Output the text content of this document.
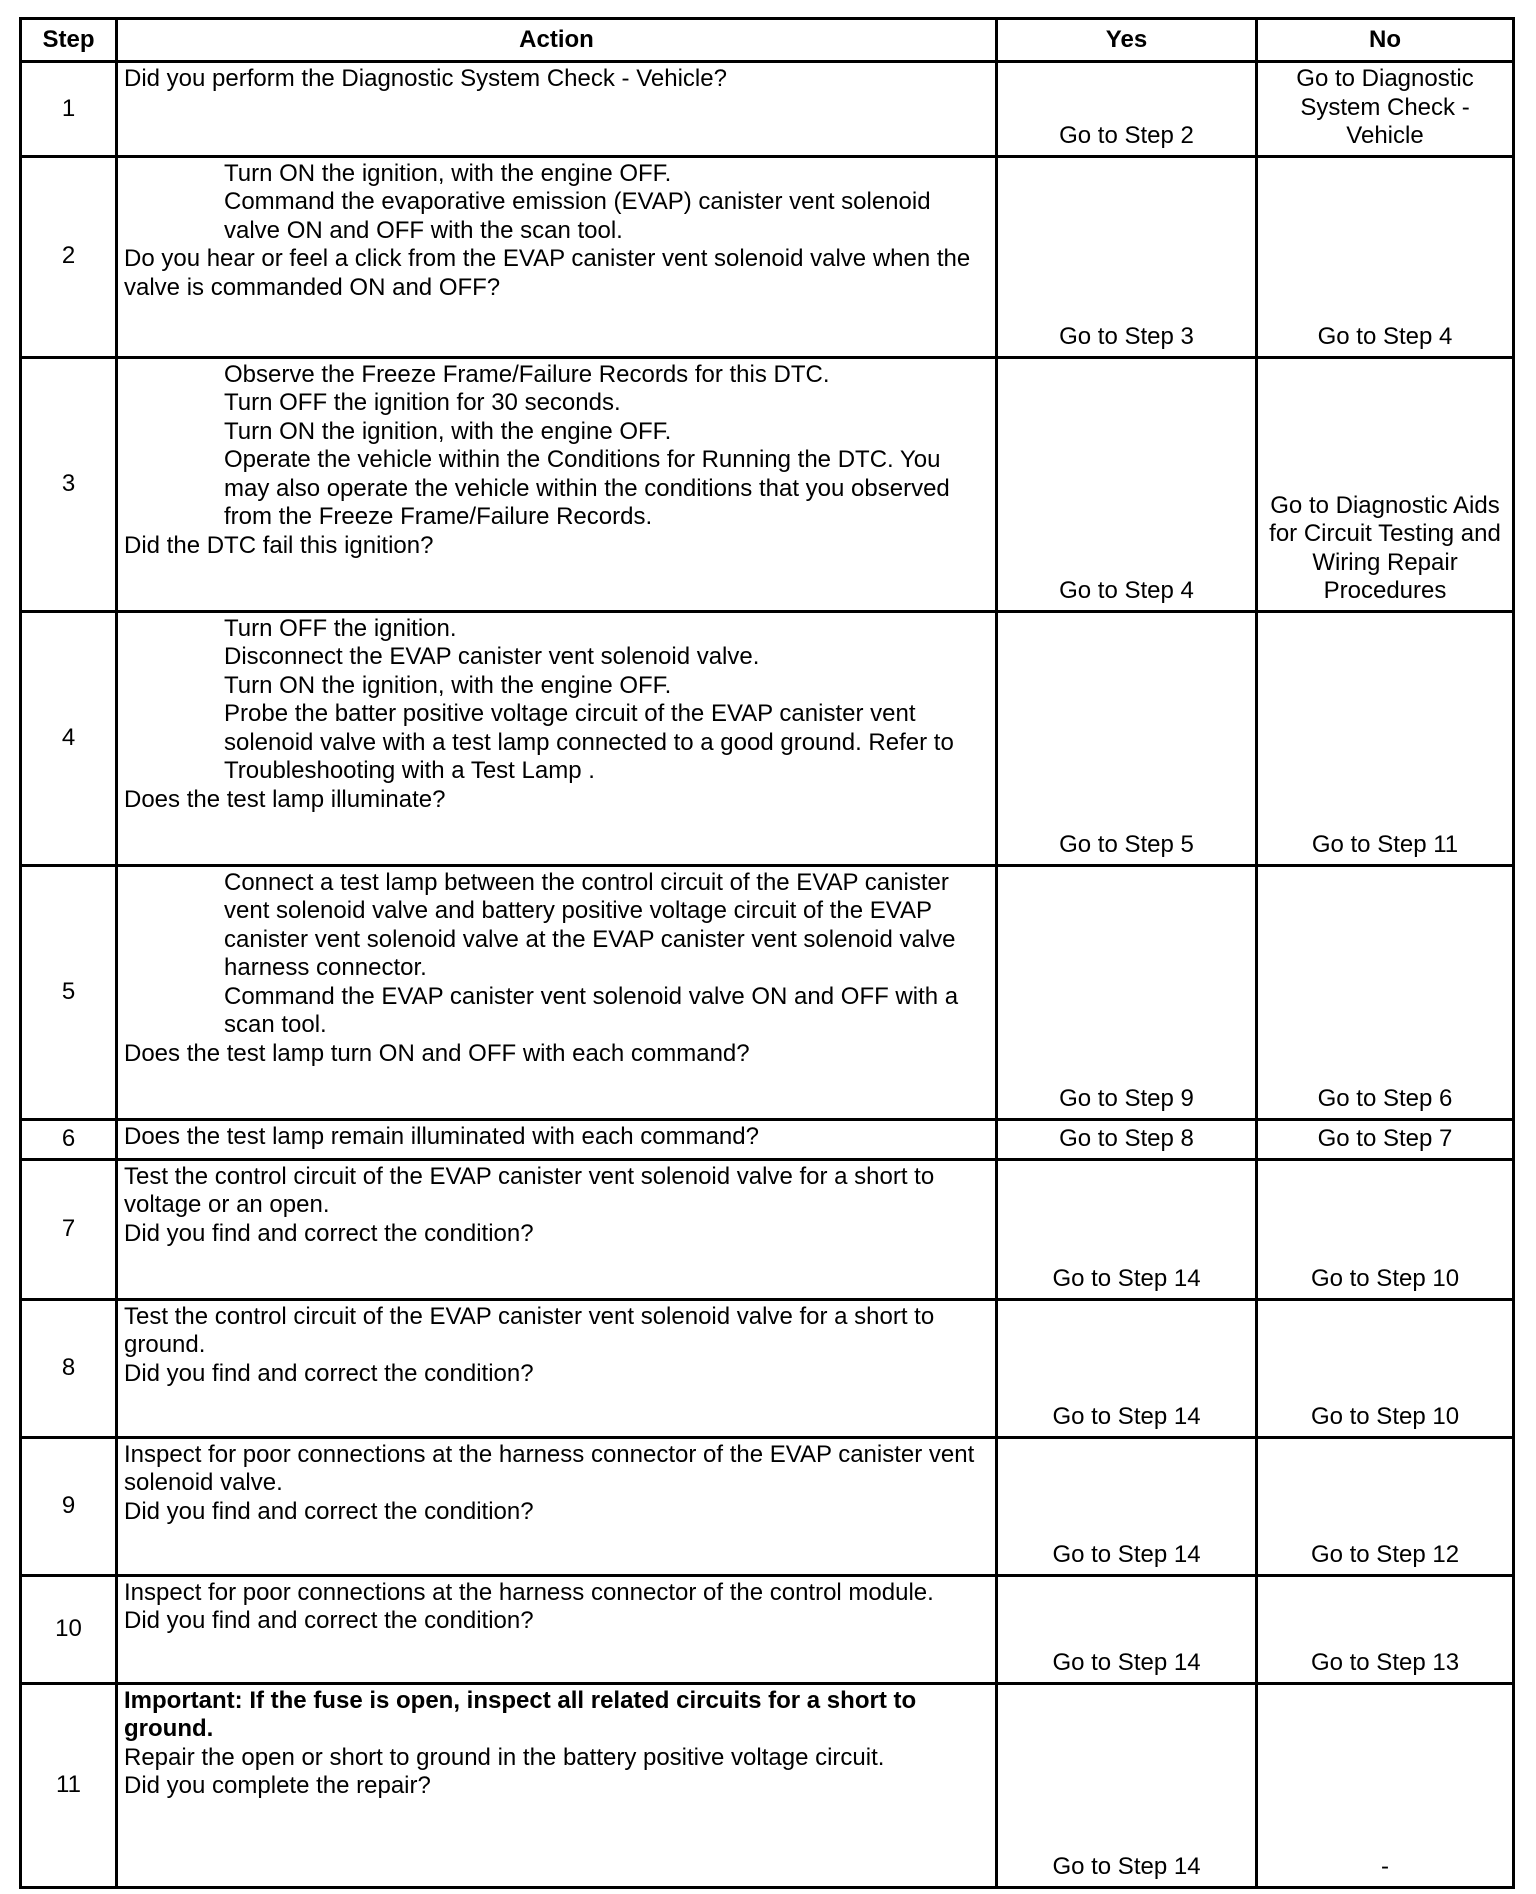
Step	Action	Yes	No
1	Did you perform the Diagnostic System Check - Vehicle?	Go to Step 2	Go to Diagnostic System Check - Vehicle

2	Turn ON the ignition, with the engine OFF.
Command the evaporative emission (EVAP) canister vent solenoid valve ON and OFF with the scan tool.
Do you hear or feel a click from the EVAP canister vent solenoid valve when the valve is commanded ON and OFF?	Go to Step 3	Go to Step 4

3	Observe the Freeze Frame/Failure Records for this DTC.
Turn OFF the ignition for 30 seconds.
Turn ON the ignition, with the engine OFF.
Operate the vehicle within the Conditions for Running the DTC. You may also operate the vehicle within the conditions that you observed from the Freeze Frame/Failure Records.
Did the DTC fail this ignition?	Go to Step 4	Go to Diagnostic Aids for Circuit Testing and Wiring Repair Procedures

4	Turn OFF the ignition.
Disconnect the EVAP canister vent solenoid valve.
Turn ON the ignition, with the engine OFF.
Probe the batter positive voltage circuit of the EVAP canister vent solenoid valve with a test lamp connected to a good ground. Refer to Troubleshooting with a Test Lamp .
Does the test lamp illuminate?	Go to Step 5	Go to Step 11

5	Connect a test lamp between the control circuit of the EVAP canister vent solenoid valve and battery positive voltage circuit of the EVAP canister vent solenoid valve at the EVAP canister vent solenoid valve harness connector.
Command the EVAP canister vent solenoid valve ON and OFF with a scan tool.
Does the test lamp turn ON and OFF with each command?	Go to Step 9	Go to Step 6

6	Does the test lamp remain illuminated with each command?	Go to Step 8	Go to Step 7

7	Test the control circuit of the EVAP canister vent solenoid valve for a short to voltage or an open.
Did you find and correct the condition?	Go to Step 14	Go to Step 10

8	Test the control circuit of the EVAP canister vent solenoid valve for a short to ground.
Did you find and correct the condition?	Go to Step 14	Go to Step 10

9	Inspect for poor connections at the harness connector of the EVAP canister vent solenoid valve.
Did you find and correct the condition?	Go to Step 14	Go to Step 12

10	Inspect for poor connections at the harness connector of the control module.
Did you find and correct the condition?	Go to Step 14	Go to Step 13

11	Important: If the fuse is open, inspect all related circuits for a short to ground.
Repair the open or short to ground in the battery positive voltage circuit.
Did you complete the repair?	Go to Step 14	-
